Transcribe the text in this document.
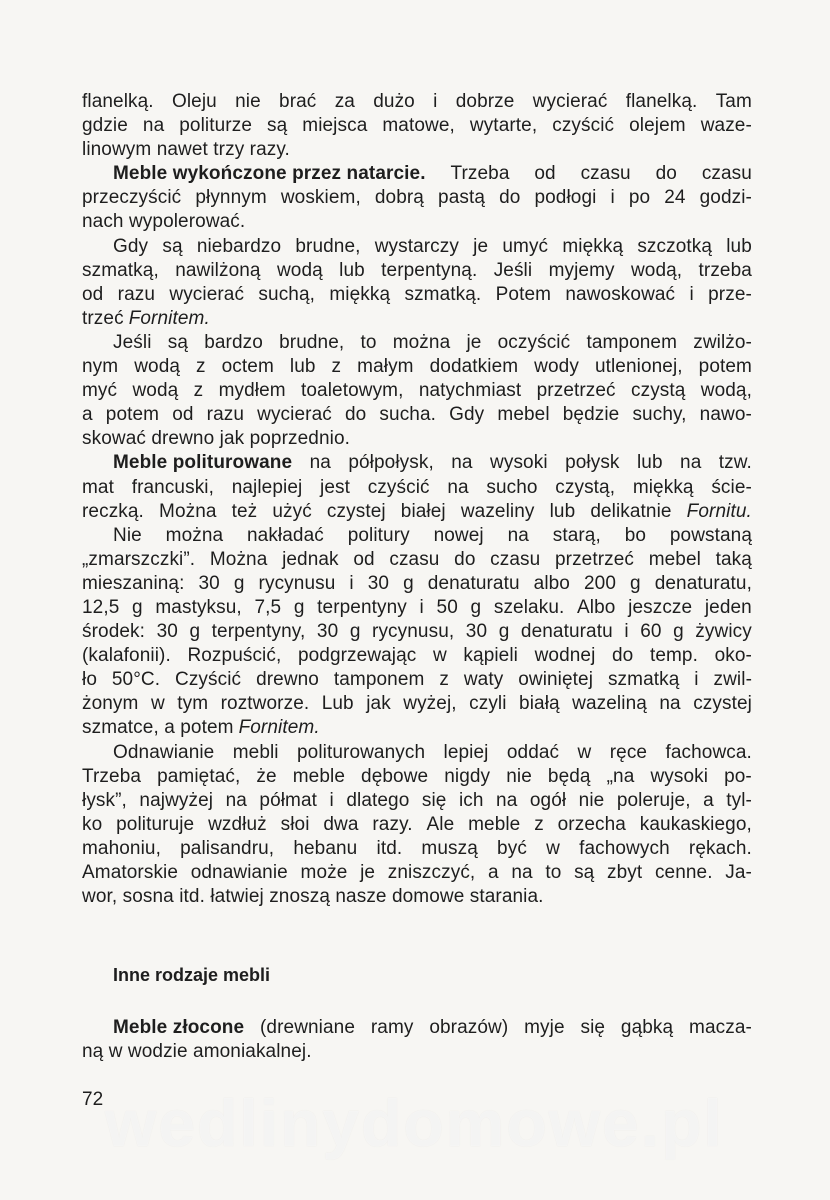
flanelką. Oleju nie brać za dużo i dobrze wycierać flanelką. Tam
gdzie na politurze są miejsca matowe, wytarte, czyścić olejem waze-
linowym nawet trzy razy.
Meble wykończone przez natarcie. Trzeba od czasu do czasu
przeczyścić płynnym woskiem, dobrą pastą do podłogi i po 24 godzi-
nach wypolerować.
Gdy są niebardzo brudne, wystarczy je umyć miękką szczotką lub
szmatką, nawilżoną wodą lub terpentyną. Jeśli myjemy wodą, trzeba
od razu wycierać suchą, miękką szmatką. Potem nawoskować i prze-
trzeć Fornitem.
Jeśli są bardzo brudne, to można je oczyścić tamponem zwilżo-
nym wodą z octem lub z małym dodatkiem wody utlenionej, potem
myć wodą z mydłem toaletowym, natychmiast przetrzeć czystą wodą,
a potem od razu wycierać do sucha. Gdy mebel będzie suchy, nawo-
skować drewno jak poprzednio.
Meble politurowane na półpołysk, na wysoki połysk lub na tzw.
mat francuski, najlepiej jest czyścić na sucho czystą, miękką ście-
reczką. Można też użyć czystej białej wazeliny lub delikatnie Fornitu.
Nie można nakładać politury nowej na starą, bo powstaną
„zmarszczki”. Można jednak od czasu do czasu przetrzeć mebel taką
mieszaniną: 30 g rycynusu i 30 g denaturatu albo 200 g denaturatu,
12,5 g mastyksu, 7,5 g terpentyny i 50 g szelaku. Albo jeszcze jeden
środek: 30 g terpentyny, 30 g rycynusu, 30 g denaturatu i 60 g żywicy
(kalafonii). Rozpuścić, podgrzewając w kąpieli wodnej do temp. oko-
ło 50°C. Czyścić drewno tamponem z waty owiniętej szmatką i zwil-
żonym w tym roztworze. Lub jak wyżej, czyli białą wazeliną na czystej
szmatce, a potem Fornitem.
Odnawianie mebli politurowanych lepiej oddać w ręce fachowca.
Trzeba pamiętać, że meble dębowe nigdy nie będą „na wysoki po-
łysk”, najwyżej na półmat i dlatego się ich na ogół nie poleruje, a tyl-
ko polituruje wzdłuż słoi dwa razy. Ale meble z orzecha kaukaskiego,
mahoniu, palisandru, hebanu itd. muszą być w fachowych rękach.
Amatorskie odnawianie może je zniszczyć, a na to są zbyt cenne. Ja-
wor, sosna itd. łatwiej znoszą nasze domowe starania.
Inne rodzaje mebli
Meble złocone (drewniane ramy obrazów) myje się gąbką macza-
ną w wodzie amoniakalnej.
72 wedlinydomowe.pl
